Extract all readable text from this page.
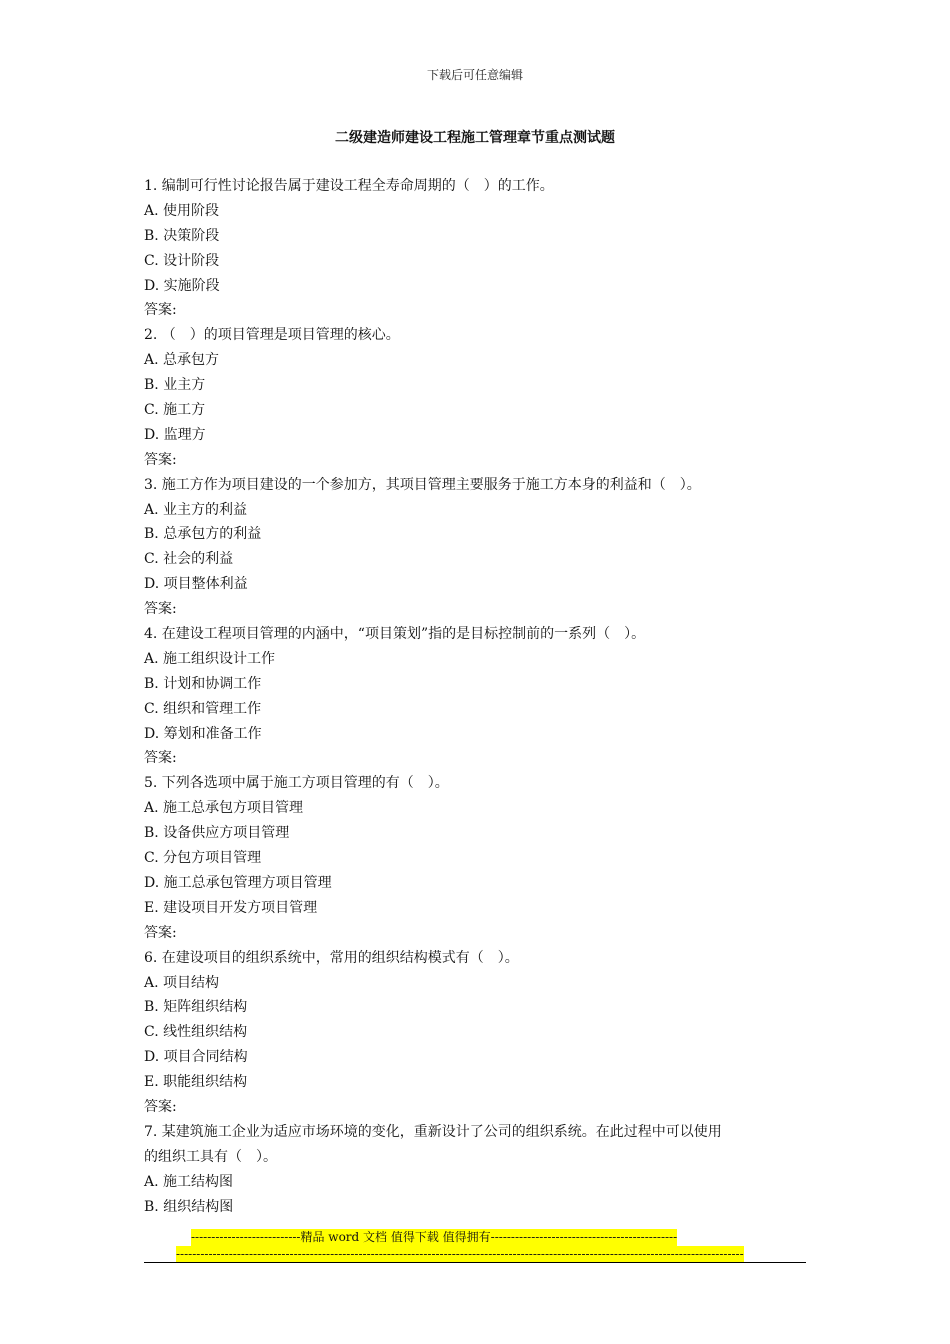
下载后可任意编辑
二级建造师建设工程施工管理章节重点测试题
1. 编制可行性讨论报告属于建设工程全寿命周期的（　）的工作。
A. 使用阶段
B. 决策阶段
C. 设计阶段
D. 实施阶段
答案:
2. （　）的项目管理是项目管理的核心。
A. 总承包方
B. 业主方
C. 施工方
D. 监理方
答案:
3. 施工方作为项目建设的一个参加方，其项目管理主要服务于施工方本身的利益和（　）。
A. 业主方的利益
B. 总承包方的利益
C. 社会的利益
D. 项目整体利益
答案:
4. 在建设工程项目管理的内涵中，“项目策划”指的是目标控制前的一系列（　）。
A. 施工组织设计工作
B. 计划和协调工作
C. 组织和管理工作
D. 筹划和准备工作
答案:
5. 下列各选项中属于施工方项目管理的有（　）。
A. 施工总承包方项目管理
B. 设备供应方项目管理
C. 分包方项目管理
D. 施工总承包管理方项目管理
E. 建设项目开发方项目管理
答案:
6. 在建设项目的组织系统中，常用的组织结构模式有（　）。
A. 项目结构
B. 矩阵组织结构
C. 线性组织结构
D. 项目合同结构
E. 职能组织结构
答案:
7. 某建筑施工企业为适应市场环境的变化，重新设计了公司的组织系统。在此过程中可以使用
的组织工具有（　）。
A. 施工结构图
B. 组织结构图
---------------------------精品 word 文档 值得下载 值得拥有----------------------------------------------
--------------------------------------------------------------------------------------------------------------------------------------------
